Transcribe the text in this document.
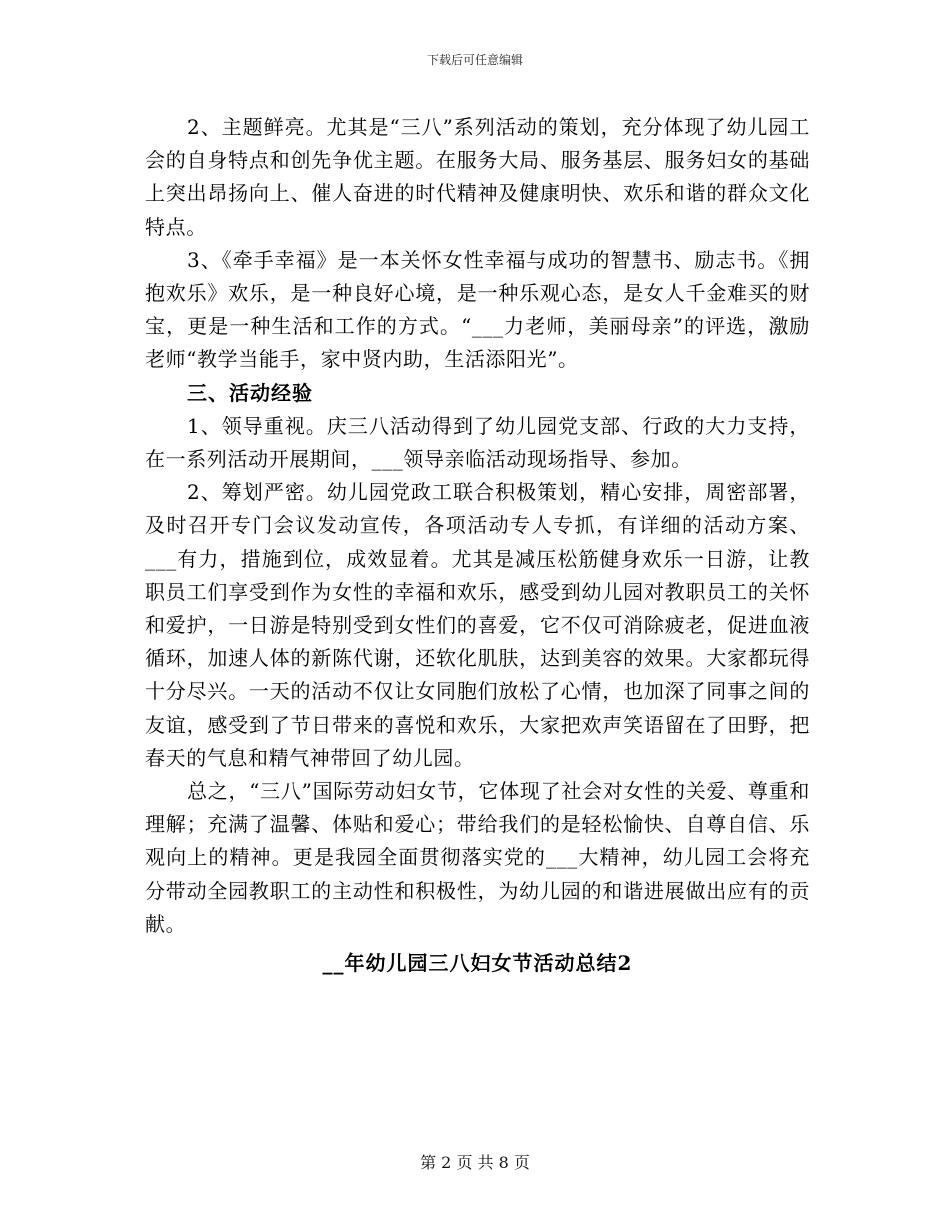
下载后可任意编辑

2、主题鲜亮。尤其是“三八”系列活动的策划，充分体现了幼儿园工会的自身特点和创先争优主题。在服务大局、服务基层、服务妇女的基础上突出昂扬向上、催人奋进的时代精神及健康明快、欢乐和谐的群众文化特点。

3、《牵手幸福》是一本关怀女性幸福与成功的智慧书、励志书。《拥抱欢乐》欢乐，是一种良好心境，是一种乐观心态，是女人千金难买的财宝，更是一种生活和工作的方式。“___力老师，美丽母亲”的评选，激励老师“教学当能手，家中贤内助，生活添阳光”。

三、活动经验

1、领导重视。庆三八活动得到了幼儿园党支部、行政的大力支持，在一系列活动开展期间，___领导亲临活动现场指导、参加。

2、筹划严密。幼儿园党政工联合积极策划，精心安排，周密部署，及时召开专门会议发动宣传，各项活动专人专抓，有详细的活动方案、___有力，措施到位，成效显着。尤其是减压松筋健身欢乐一日游，让教职员工们享受到作为女性的幸福和欢乐，感受到幼儿园对教职员工的关怀和爱护，一日游是特别受到女性们的喜爱，它不仅可消除疲老，促进血液循环，加速人体的新陈代谢，还软化肌肤，达到美容的效果。大家都玩得十分尽兴。一天的活动不仅让女同胞们放松了心情，也加深了同事之间的友谊，感受到了节日带来的喜悦和欢乐，大家把欢声笑语留在了田野，把春天的气息和精气神带回了幼儿园。

总之，“三八”国际劳动妇女节，它体现了社会对女性的关爱、尊重和理解；充满了温馨、体贴和爱心；带给我们的是轻松愉快、自尊自信、乐观向上的精神。更是我园全面贯彻落实党的___大精神，幼儿园工会将充分带动全园教职工的主动性和积极性，为幼儿园的和谐进展做出应有的贡献。

__年幼儿园三八妇女节活动总结2
第 2 页 共 8 页
